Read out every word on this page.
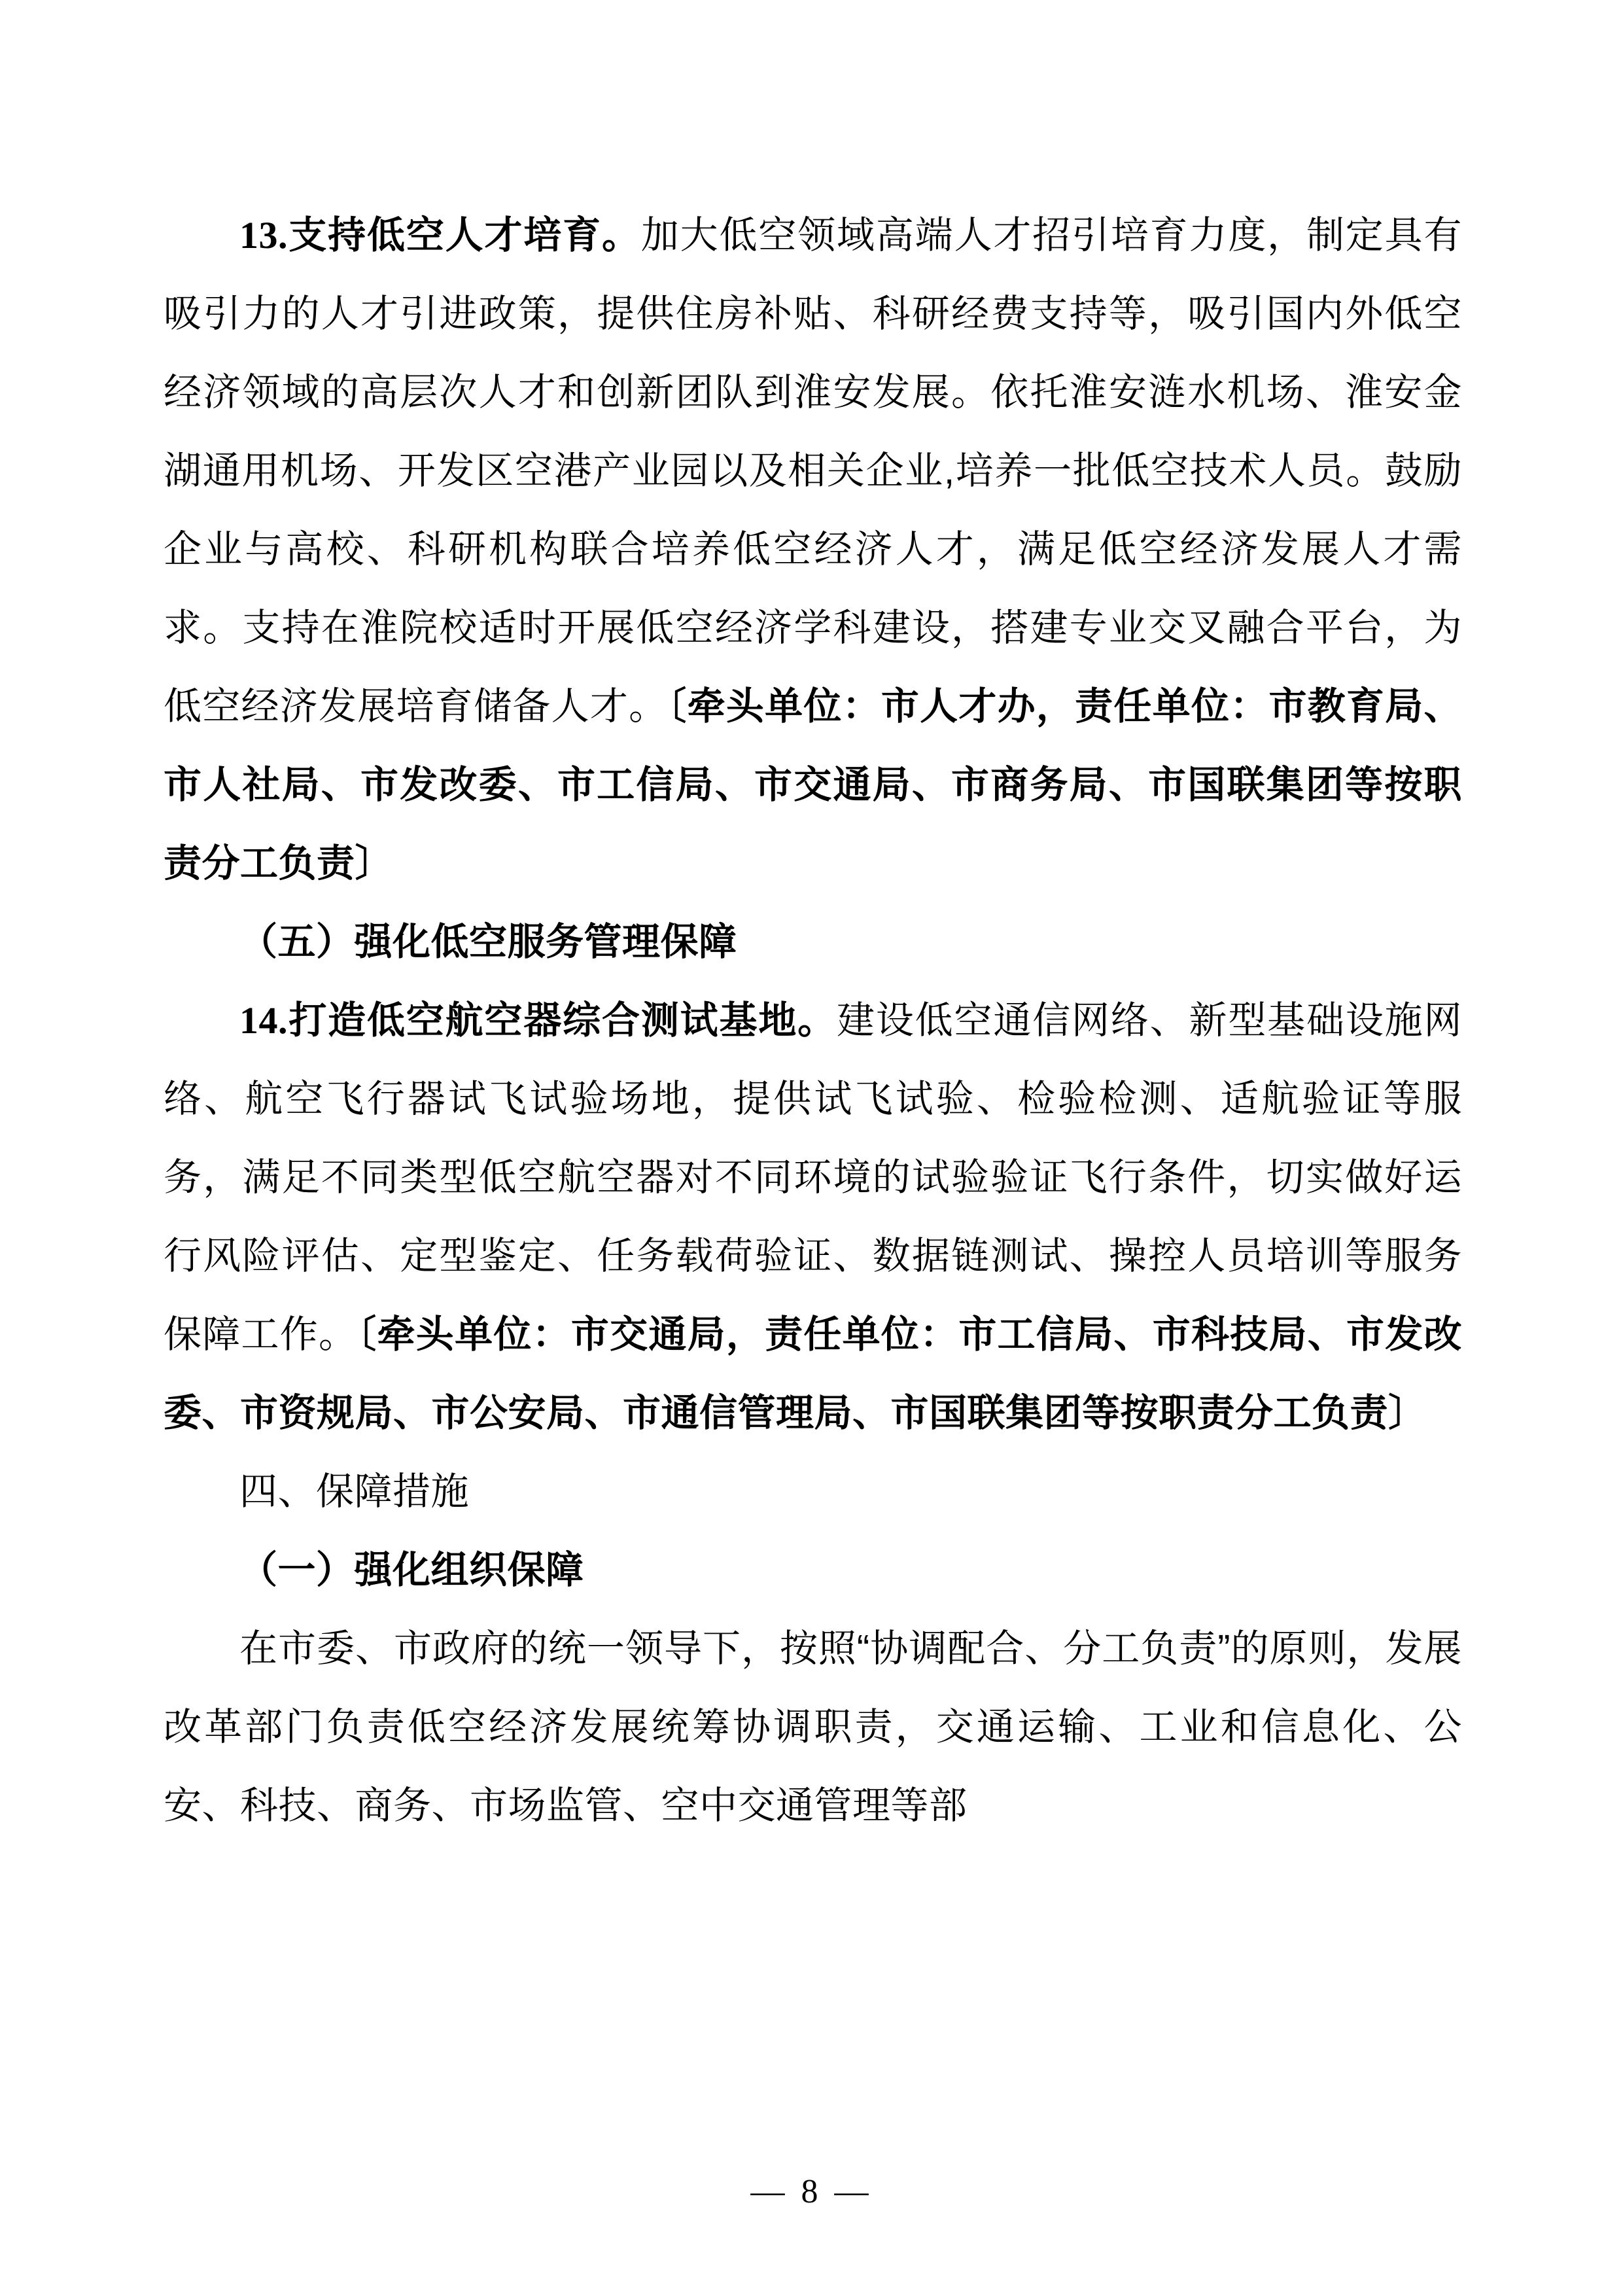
13.支持低空人才培育。加大低空领域高端人才招引培育力度，制定具有吸引力的人才引进政策，提供住房补贴、科研经费支持等，吸引国内外低空经济领域的高层次人才和创新团队到淮安发展。依托淮安涟水机场、淮安金湖通用机场、开发区空港产业园以及相关企业,培养一批低空技术人员。鼓励企业与高校、科研机构联合培养低空经济人才，满足低空经济发展人才需求。支持在淮院校适时开展低空经济学科建设，搭建专业交叉融合平台，为低空经济发展培育储备人才。〔牵头单位：市人才办，责任单位：市教育局、市人社局、市发改委、市工信局、市交通局、市商务局、市国联集团等按职责分工负责〕

（五）强化低空服务管理保障

14.打造低空航空器综合测试基地。建设低空通信网络、新型基础设施网络、航空飞行器试飞试验场地，提供试飞试验、检验检测、适航验证等服务，满足不同类型低空航空器对不同环境的试验验证飞行条件，切实做好运行风险评估、定型鉴定、任务载荷验证、数据链测试、操控人员培训等服务保障工作。〔牵头单位：市交通局，责任单位：市工信局、市科技局、市发改委、市资规局、市公安局、市通信管理局、市国联集团等按职责分工负责〕

四、保障措施

（一）强化组织保障

在市委、市政府的统一领导下，按照“协调配合、分工负责”的原则，发展改革部门负责低空经济发展统筹协调职责，交通运输、工业和信息化、公安、科技、商务、市场监管、空中交通管理等部

— 8 —
